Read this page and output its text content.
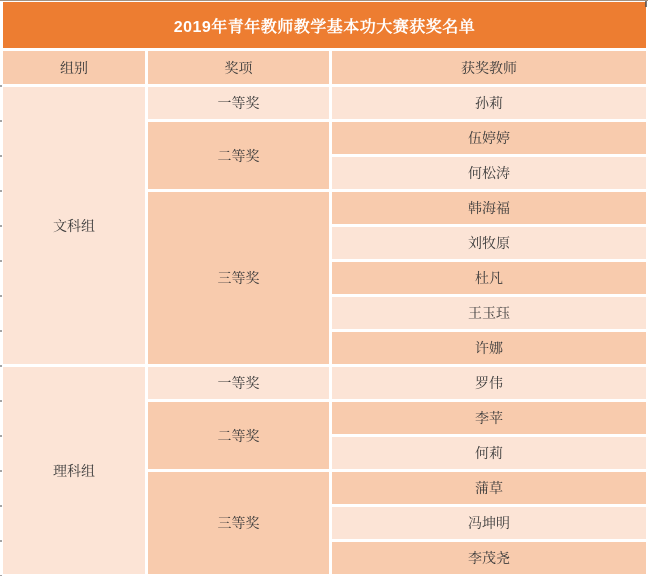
2019年青年教师教学基本功大赛获奖名单		
组别	奖项	获奖教师
文科组	一等奖	孙莉
	二等奖	伍婷婷
		何松涛
	三等奖	韩海福
		刘牧原
		杜凡
		王玉珏
		许娜
理科组	一等奖	罗伟
	二等奖	李苹
		何莉
	三等奖	蒲草
		冯坤明
		李茂尧
